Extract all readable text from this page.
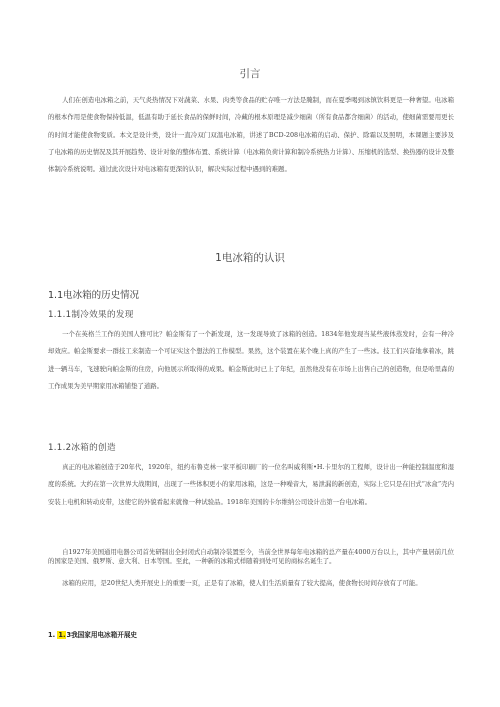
引言

人们在创造电冰箱之前，天气炎热情况下对蔬菜、水果、肉类等食品的贮存唯一方法是腌制，而在夏季喝到冰镇饮料更是一种奢望。电冰箱的根本作用是使食物保持低温，低温有助于延长食品的保鲜时间，冷藏的根本原理是减少细菌（所有食品都含细菌）的活动，使细菌需要用更长的时间才能使食物变质。本文是设计类，设计一直冷双门双温电冰箱，讲述了BCD-208电冰箱的启动、保护、除霜以及照明，本课题主要涉及了电冰箱的历史情况及其开展趋势、设计对象的整体布置、系统计算（电冰箱负荷计算和制冷系统热力计算）、压缩机的选型、换热器的设计及整体制冷系统说明。通过此次设计对电冰箱有更深的认识，解决实际过程中遇到的难题。

1电冰箱的认识
1.1电冰箱的历史情况
1.1.1制冷效果的发现

一个在英格兰工作的美国人雅可比？帕金斯有了一个新发现，这一发现导致了冰箱的创造。1834年他发现当某些液体蒸发时，会有一种冷却效应。帕金斯要求一群技工来制造一个可证实这个想法的工作模型。果然，这个装置在某个晚上真的产生了一些冰。技工们兴奋地拿着冰，跳进一辆马车，飞速驶向帕金斯的住房，向他展示所取得的成果。帕金斯此时已上了年纪，虽然他没有在市场上出售自己的创造物，但是哈里森的工作成果为美早期家用冰箱铺垫了道路。

1.1.2冰箱的创造

真正的电冰箱创造于20年代，1920年，纽约布鲁克林一家平板印刷厂的一位名叫威利斯•H.卡里尔的工程师，设计出一种能控制温度和湿度的系统。大约在第一次世界大战期间，出现了一些体积更小的家用冰箱，这是一种噪音大，易泄漏的新创造，实际上它只是在旧式“冰盒”壳内安装上电机和转动皮带，这使它的外貌看起来就像一种试验品。1918年美国的卡尔维纳公司设计出第一台电冰箱。

自1927年美国通用电器公司首先研制出全封闭式自动制冷装置至今，当前全世界每年电冰箱的总产量在4000万台以上，其中产量居前几位的国家是美国、俄罗斯、意大利、日本等国。至此，一种新的冰箱式样随着到处可见的商标名诞生了。

冰箱的应用，是20世纪人类开展史上的重要一页，正是有了冰箱，使人们生活质量有了较大提高，使食物长时间存放有了可能。

1. 1.3我国家用电冰箱开展史
